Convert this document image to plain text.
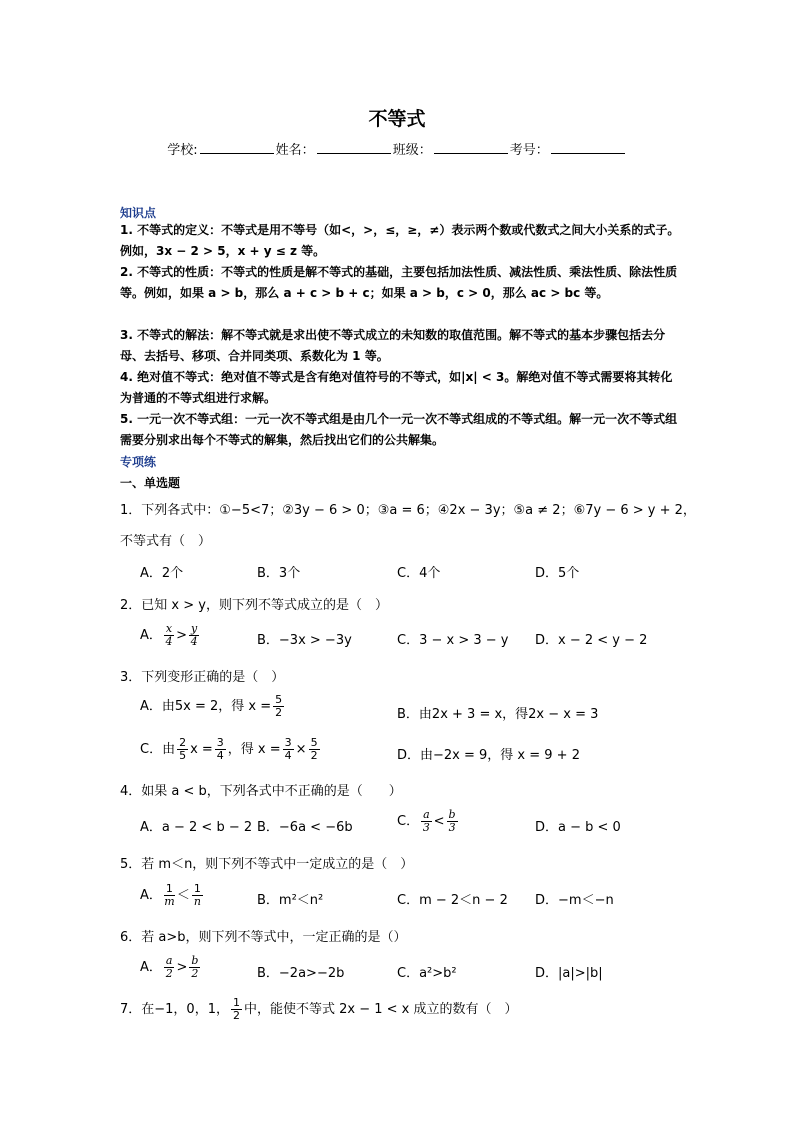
不等式
学校:	姓名：	班级：	考号：
知识点
1. 不等式的定义：不等式是用不等号（如<，>，≤，≥，≠）表示两个数或代数式之间大小关系的式子。例如，3x − 2 > 5，x + y ≤ z 等。
2. 不等式的性质：不等式的性质是解不等式的基础，主要包括加法性质、减法性质、乘法性质、除法性质等。例如，如果 a > b，那么 a + c > b + c；如果 a > b，c > 0，那么 ac > bc 等。
3. 不等式的解法：解不等式就是求出使不等式成立的未知数的取值范围。解不等式的基本步骤包括去分母、去括号、移项、合并同类项、系数化为 1 等。
4. 绝对值不等式：绝对值不等式是含有绝对值符号的不等式，如|x| < 3。解绝对值不等式需要将其转化为普通的不等式组进行求解。
5. 一元一次不等式组：一元一次不等式组是由几个一元一次不等式组成的不等式组。解一元一次不等式组需要分别求出每个不等式的解集，然后找出它们的公共解集。
专项练
一、单选题
1．下列各式中：①−5<7；②3y − 6 > 0；③a = 6；④2x − 3y；⑤a ≠ 2；⑥7y − 6 > y + 2，
不等式有（　）
A．2个	B．3个	C．4个	D．5个
2．已知 x > y，则下列不等式成立的是（　）
A． $\frac{x}{4} > \frac{y}{4}$	B．−3x > −3y	C．3 − x > 3 − y D．x − 2 < y − 2
3．下列变形正确的是（　）
A．由5x = 2，得 $x = \frac{5}{2}$	B．由2x + 3 = x，得2x − x = 3
C．由 $\frac{2}{5}$ $x = \frac{3}{4}$ ，得 $x = \frac{3}{4} \times \frac{5}{2}$	D．由−2x = 9，得 x = 9 + 2
4．如果 a < b，下列各式中不正确的是（　　）
A．a − 2 < b − 2 B．−6a < −6b	C． $\frac{a}{3} < \frac{b}{3}$	D．a − b < 0
5．若 m＜n，则下列不等式中一定成立的是（　）
A． $\frac{1}{m} < \frac{1}{n}$	B．m²＜n²	C．m − 2＜n − 2 D．−m＜−n
6．若 a>b，则下列不等式中，一定正确的是（）
A． $\frac{a}{2} > \frac{b}{2}$	B．−2a>−2b	C．a²>b²	D．|a|>|b|
7．在−1，0，1， $\frac{1}{2}$ 中，能使不等式 2x − 1 < x 成立的数有（　）
